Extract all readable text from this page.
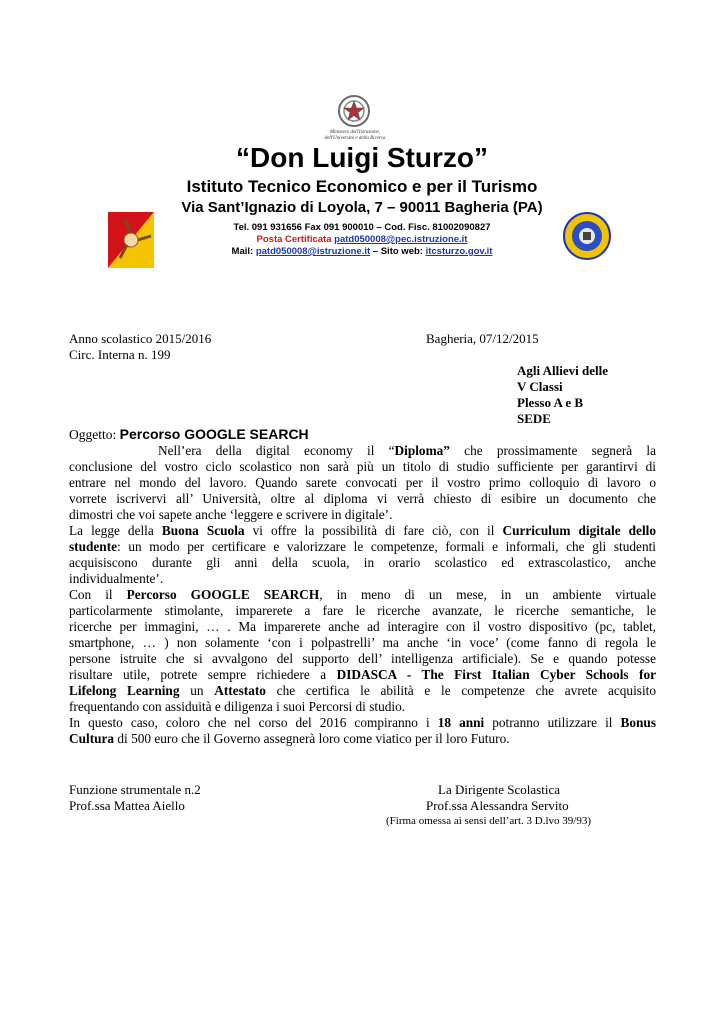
Ministero dell'Istruzione, dell'Università e della Ricerca
“Don Luigi Sturzo”
Istituto Tecnico Economico e per il Turismo
Via Sant’Ignazio di Loyola, 7 – 90011 Bagheria (PA)
Tel. 091 931656 Fax 091 900010 – Cod. Fisc. 81002090827
Posta Certificata patd050008@pec.istruzione.it
Mail: patd050008@istruzione.it – Sito web: itcsturzo.gov.it
Anno scolastico 2015/2016	Bagheria, 07/12/2015
Circ. Interna n. 199
Agli Allievi delle
V Classi
Plesso A e B
SEDE
Oggetto: Percorso GOOGLE SEARCH
Nell’era della digital economy il “Diploma” che prossimamente segnerà la
conclusione del vostro ciclo scolastico non sarà più un titolo di studio sufficiente per garantirvi di
entrare nel mondo del lavoro. Quando sarete convocati per il vostro primo colloquio di lavoro o
vorrete iscrivervi all’ Università, oltre al diploma vi verrà chiesto di esibire un documento che
dimostri che voi sapete anche ‘leggere e scrivere in digitale’.
La legge della Buona Scuola vi offre la possibilità di fare ciò, con il Curriculum digitale dello
studente: un modo per certificare e valorizzare le competenze, formali e informali, che gli studenti
acquisiscono durante gli anni della scuola, in orario scolastico ed extrascolastico, anche
individualmente’.
Con il Percorso GOOGLE SEARCH, in meno di un mese, in un ambiente virtuale
particolarmente stimolante, imparerete a fare le ricerche avanzate, le ricerche semantiche, le
ricerche per immagini, … . Ma imparerete anche ad interagire con il vostro dispositivo (pc, tablet,
smartphone, … ) non solamente ‘con i polpastrelli’ ma anche ‘in voce’ (come fanno di regola le
persone istruite che si avvalgono del supporto dell’ intelligenza artificiale). Se e quando potesse
risultare utile, potrete sempre richiedere a DIDASCA - The First Italian Cyber Schools for
Lifelong Learning un Attestato che certifica le abilità e le competenze che avrete acquisito
frequentando con assiduità e diligenza i suoi Percorsi di studio.
In questo caso, coloro che nel corso del 2016 compiranno i 18 anni potranno utilizzare il Bonus
Cultura di 500 euro che il Governo assegnerà loro come viatico per il loro Futuro.
Funzione strumentale n.2
Prof.ssa Mattea Aiello
La Dirigente Scolastica
Prof.ssa Alessandra Servito
(Firma omessa ai sensi dell’art. 3 D.lvo 39/93)
